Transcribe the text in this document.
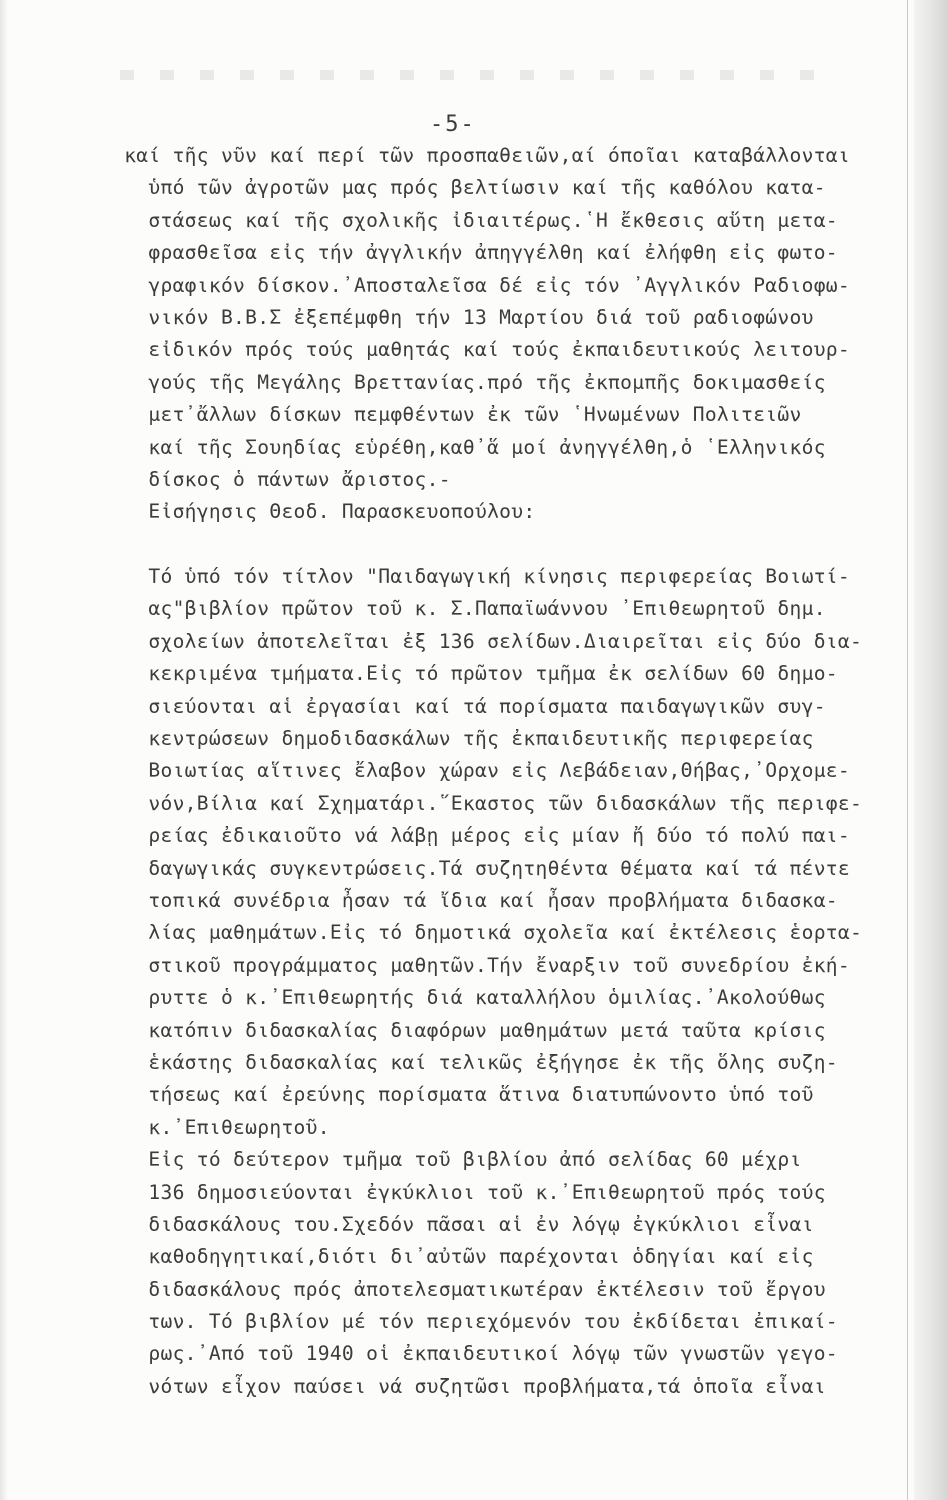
-5-
καί τῆς νῦν καί περί τῶν προσπαθειῶν,αί όποῖαι καταβάλλονται
ὑπό τῶν ἀγροτῶν μας πρός βελτίωσιν καί τῆς καθόλου κατα-
στάσεως καί τῆς σχολικῆς ἰδιαιτέρως.῾Η ἔκθεσις αὕτη μετα-
φρασθεῖσα εἰς τήν ἀγγλικήν ἀπηγγέλθη καί ἐλήφθη εἰς φωτο-
γραφικόν δίσκον.᾿Αποσταλεῖσα δέ εἰς τόν ᾿Αγγλικόν Ραδιοφω-
νικόν Β.Β.Σ ἐξεπέμφθη τήν 13 Μαρτίου διά τοῦ ραδιοφώνου
εἰδικόν πρός τούς μαθητάς καί τούς ἐκπαιδευτικούς λειτουρ-
γούς τῆς Μεγάλης Βρεττανίας.πρό τῆς ἐκπομπῆς δοκιμασθείς
μετ᾿ἄλλων δίσκων πεμφθέντων ἐκ τῶν ῾Ηνωμένων Πολιτειῶν
καί τῆς Σουηδίας εὑρέθη,καθ᾿ἅ μοί ἀνηγγέλθη,ὁ ῾Ελληνικός
δίσκος ὁ πάντων ἄριστος.-
Εἰσήγησις Θεοδ. Παρασκευοπούλου:
Τό ὑπό τόν τίτλον "Παιδαγωγική κίνησις περιφερείας Βοιωτί-
ας"βιβλίον πρῶτον τοῦ κ. Σ.Παπαϊωάννου ᾿Επιθεωρητοῦ δημ.
σχολείων ἀποτελεῖται ἐξ 136 σελίδων.Διαιρεῖται εἰς δύο δια-
κεκριμένα τμήματα.Εἰς τό πρῶτον τμῆμα ἐκ σελίδων 60 δημο-
σιεύονται αἱ ἐργασίαι καί τά πορίσματα παιδαγωγικῶν συγ-
κεντρώσεων δημοδιδασκάλων τῆς ἐκπαιδευτικῆς περιφερείας
Βοιωτίας αἵτινες ἔλαβον χώραν εἰς Λεβάδειαν,Θήβας,᾿Ορχομε-
νόν,Βίλια καί Σχηματάρι.῞Εκαστος τῶν διδασκάλων τῆς περιφε-
ρείας ἐδικαιοῦτο νά λάβῃ μέρος εἰς μίαν ἤ δύο τό πολύ παι-
δαγωγικάς συγκεντρώσεις.Τά συζητηθέντα θέματα καί τά πέντε
τοπικά συνέδρια ἦσαν τά ἴδια καί ἦσαν προβλήματα διδασκα-
λίας μαθημάτων.Εἰς τό δημοτικά σχολεῖα καί ἐκτέλεσις ἑορτα-
στικοῦ προγράμματος μαθητῶν.Τήν ἔναρξιν τοῦ συνεδρίου ἐκή-
ρυττε ὁ κ.᾿Επιθεωρητής διά καταλλήλου ὁμιλίας.᾿Ακολούθως
κατόπιν διδασκαλίας διαφόρων μαθημάτων μετά ταῦτα κρίσις
ἑκάστης διδασκαλίας καί τελικῶς ἐξήγησε ἐκ τῆς ὅλης συζη-
τήσεως καί ἐρεύνης πορίσματα ἅτινα διατυπώνοντο ὑπό τοῦ
κ.᾿Επιθεωρητοῦ.
Εἰς τό δεύτερον τμῆμα τοῦ βιβλίου ἀπό σελίδας 60 μέχρι
136 δημοσιεύονται ἐγκύκλιοι τοῦ κ.᾿Επιθεωρητοῦ πρός τούς
διδασκάλους του.Σχεδόν πᾶσαι αἱ ἐν λόγῳ ἐγκύκλιοι εἶναι
καθοδηγητικαί,διότι δι᾿αὐτῶν παρέχονται ὁδηγίαι καί εἰς
διδασκάλους πρός ἀποτελεσματικωτέραν ἐκτέλεσιν τοῦ ἔργου
των. Τό βιβλίον μέ τόν περιεχόμενόν του ἐκδίδεται ἐπικαί-
ρως.᾿Από τοῦ 1940 οἱ ἐκπαιδευτικοί λόγῳ τῶν γνωστῶν γεγο-
νότων εἶχον παύσει νά συζητῶσι προβλήματα,τά ὁποῖα εἶναι
